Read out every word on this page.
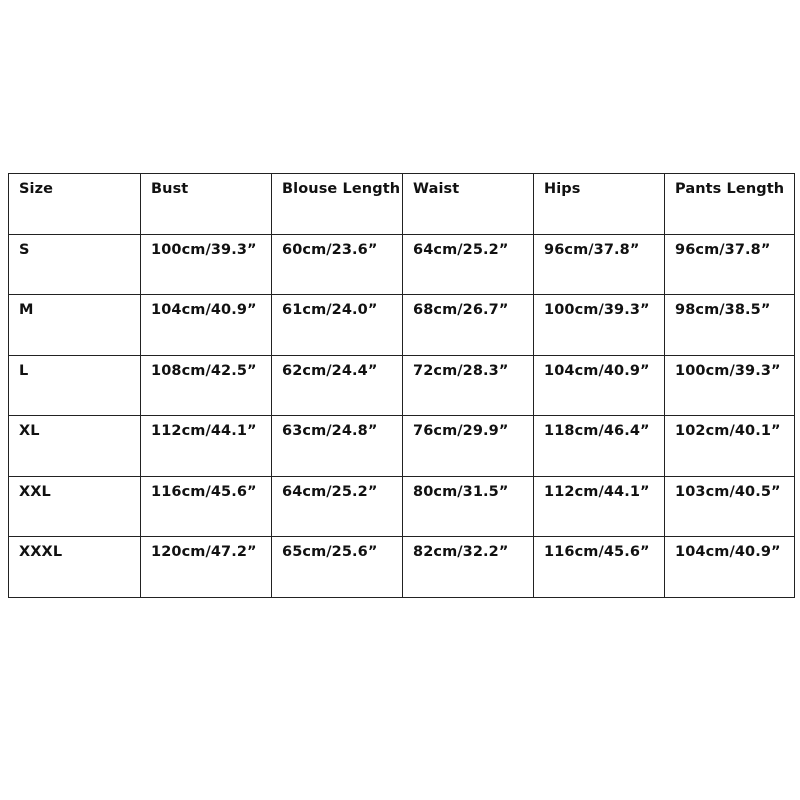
Size	Bust	Blouse Length	Waist	Hips	Pants Length
S	100cm/39.3”	60cm/23.6”	64cm/25.2”	96cm/37.8”	96cm/37.8”
M	104cm/40.9”	61cm/24.0”	68cm/26.7”	100cm/39.3”	98cm/38.5”
L	108cm/42.5”	62cm/24.4”	72cm/28.3”	104cm/40.9”	100cm/39.3”
XL	112cm/44.1”	63cm/24.8”	76cm/29.9”	118cm/46.4”	102cm/40.1”
XXL	116cm/45.6”	64cm/25.2”	80cm/31.5”	112cm/44.1”	103cm/40.5”
XXXL	120cm/47.2”	65cm/25.6”	82cm/32.2”	116cm/45.6”	104cm/40.9”
